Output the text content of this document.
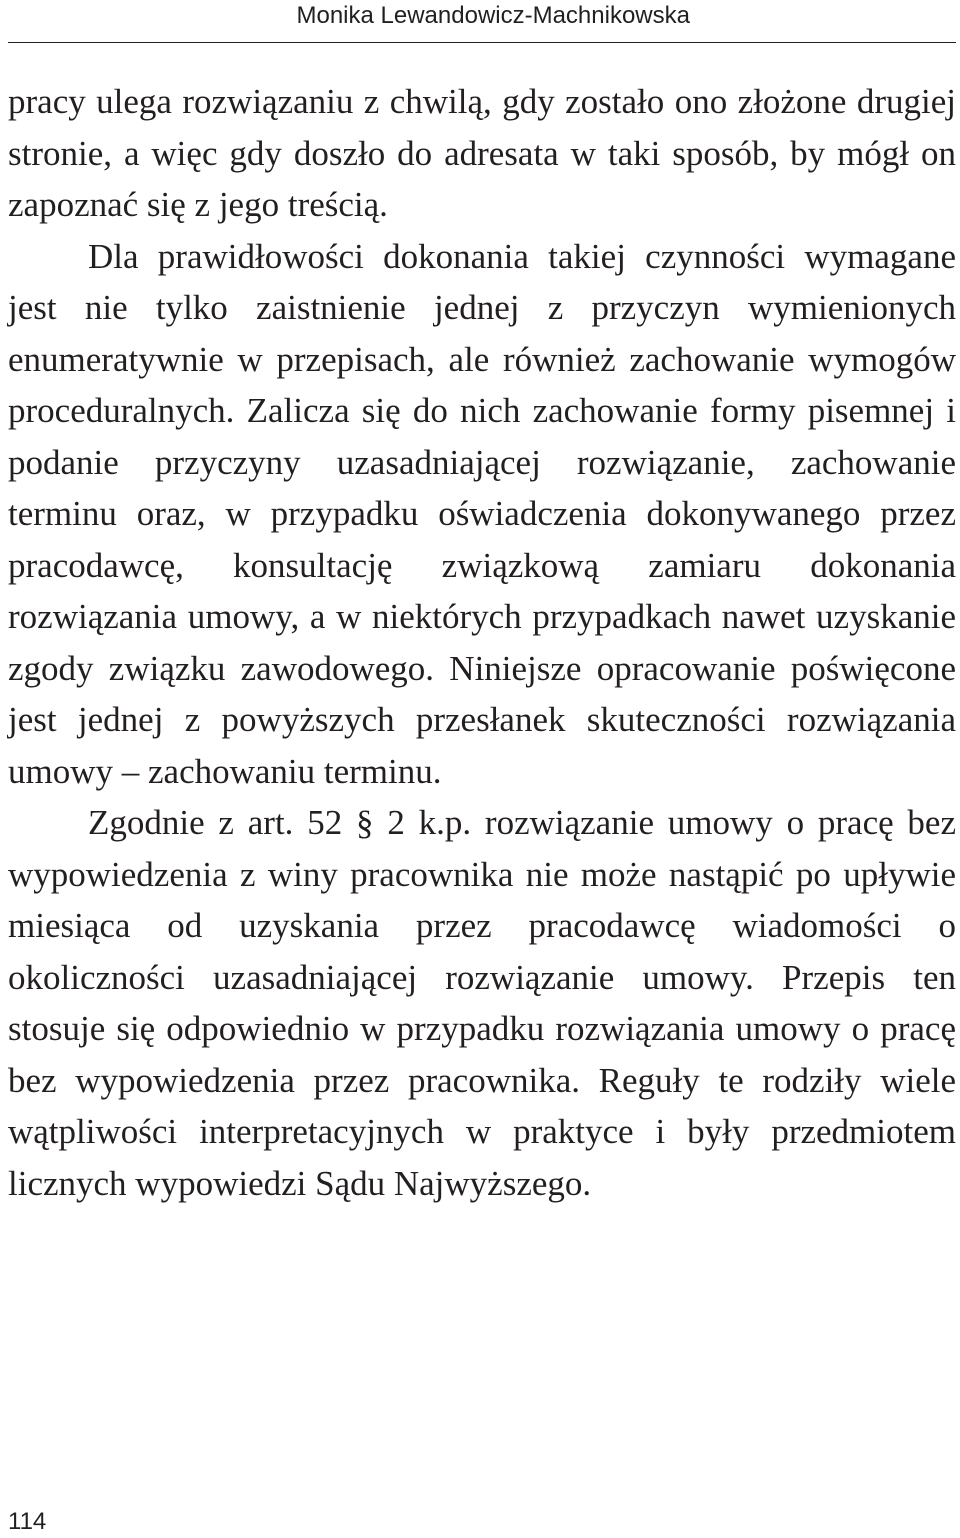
Monika Lewandowicz-Machnikowska

pracy ulega rozwiązaniu z chwilą, gdy zostało ono złożone drugiej stronie, a więc gdy doszło do adresata w taki sposób, by mógł on zapoznać się z jego treścią.

Dla prawidłowości dokonania takiej czynności wymagane jest nie tylko zaistnienie jednej z przyczyn wymienionych enumeratywnie w przepisach, ale również zachowanie wymogów proceduralnych. Zalicza się do nich zachowanie formy pisemnej i podanie przyczyny uzasadniającej rozwiązanie, zachowanie terminu oraz, w przypadku oświadczenia dokonywanego przez pracodawcę, konsultację związkową zamiaru dokonania rozwiązania umowy, a w niektórych przypadkach nawet uzyskanie zgody związku zawodowego. Niniejsze opracowanie poświęcone jest jednej z powyższych przesłanek skuteczności rozwiązania umowy – zachowaniu terminu.

Zgodnie z art. 52 § 2 k.p. rozwiązanie umowy o pracę bez wypowiedzenia z winy pracownika nie może nastąpić po upływie miesiąca od uzyskania przez pracodawcę wiadomości o okoliczności uzasadniającej rozwiązanie umowy. Przepis ten stosuje się odpowiednio w przypadku rozwiązania umowy o pracę bez wypowiedzenia przez pracownika. Reguły te rodziły wiele wątpliwości interpretacyjnych w praktyce i były przedmiotem licznych wypowiedzi Sądu Najwyższego.

114
